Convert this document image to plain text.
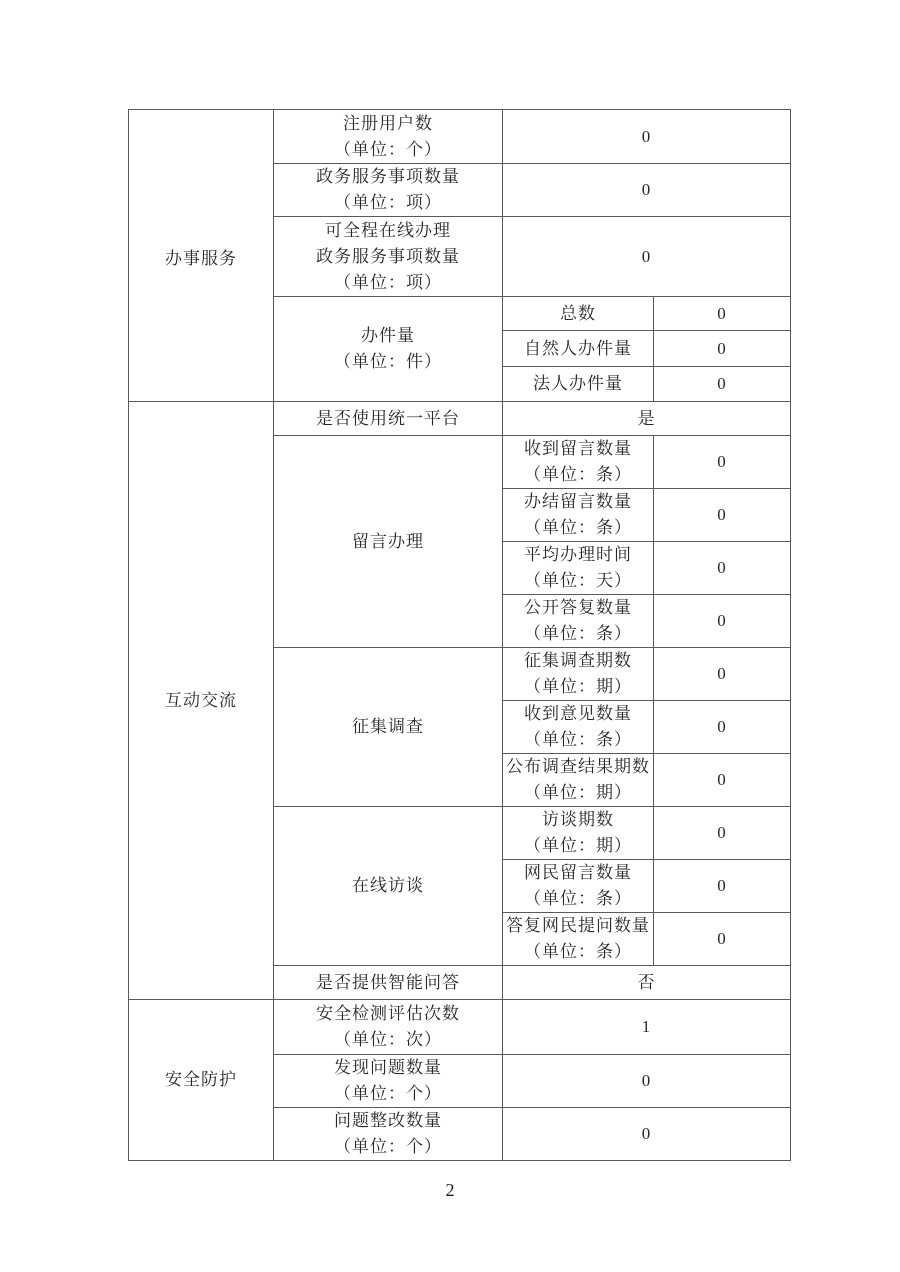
办事服务	注册用户数
（单位：个）	0	

	政务服务事项数量
（单位：项）	0	

	可全程在线办理
政务服务事项数量
（单位：项）	0	

	办件量
（单位：件）	总数	0

		自然人办件量	0

		法人办件量	0
互动交流	是否使用统一平台	是	

	留言办理	收到留言数量
（单位：条）	0

		办结留言数量
（单位：条）	0

		平均办理时间
（单位：天）	0

		公开答复数量
（单位：条）	0

	征集调查	征集调查期数
（单位：期）	0

		收到意见数量
（单位：条）	0

		公布调查结果期数
（单位：期）	0

	在线访谈	访谈期数
（单位：期）	0

		网民留言数量
（单位：条）	0

		答复网民提问数量
（单位：条）	0

	是否提供智能问答	否	
安全防护	安全检测评估次数
（单位：次）	1	

	发现问题数量
（单位：个）	0	

	问题整改数量
（单位：个）	0	
2
